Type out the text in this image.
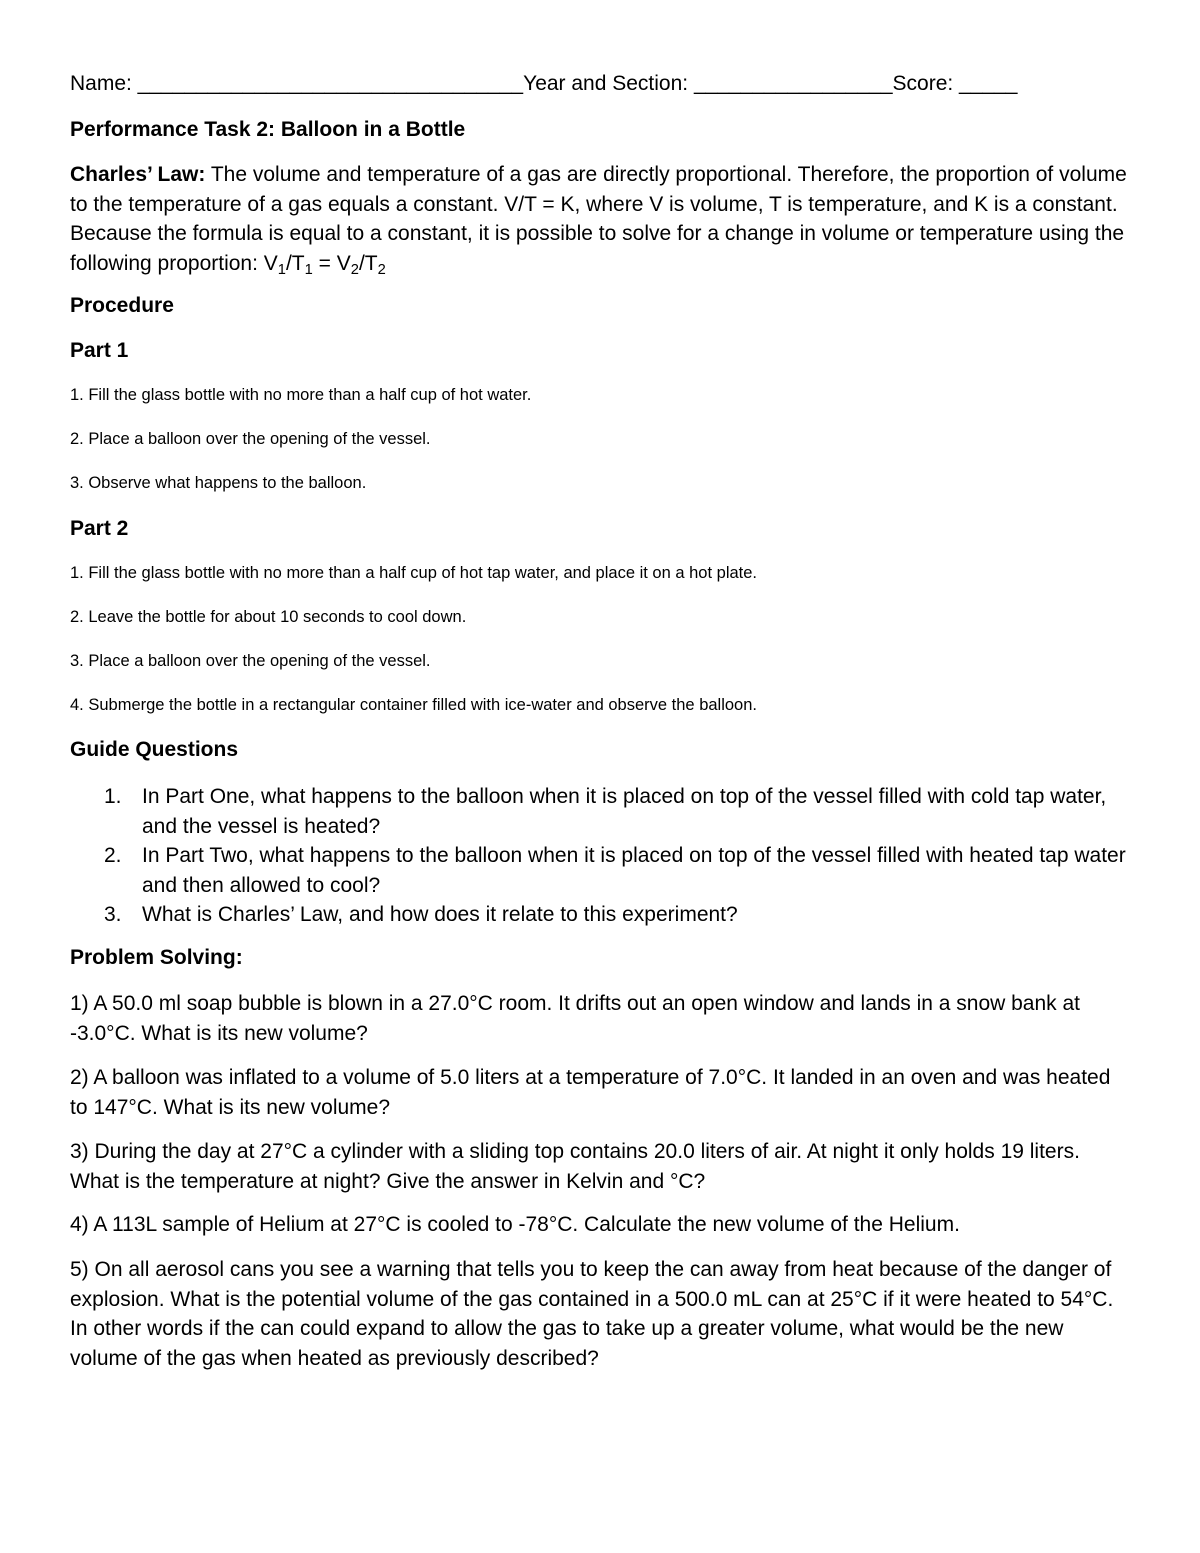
Name: _________________________________Year and Section: _________________Score: _____
Performance Task 2: Balloon in a Bottle
Charles’ Law: The volume and temperature of a gas are directly proportional. Therefore, the proportion of volume to the temperature of a gas equals a constant. V/T = K, where V is volume, T is temperature, and K is a constant. Because the formula is equal to a constant, it is possible to solve for a change in volume or temperature using the following proportion: $V_1/T_1 = V_2/T_2$
Procedure
Part 1
1. Fill the glass bottle with no more than a half cup of hot water.
2. Place a balloon over the opening of the vessel.
3. Observe what happens to the balloon.
Part 2
1. Fill the glass bottle with no more than a half cup of hot tap water, and place it on a hot plate.
2. Leave the bottle for about 10 seconds to cool down.
3. Place a balloon over the opening of the vessel.
4. Submerge the bottle in a rectangular container filled with ice-water and observe the balloon.
Guide Questions
1. In Part One, what happens to the balloon when it is placed on top of the vessel filled with cold tap water, and the vessel is heated?
2. In Part Two, what happens to the balloon when it is placed on top of the vessel filled with heated tap water and then allowed to cool?
3. What is Charles’ Law, and how does it relate to this experiment?
Problem Solving:
1) A 50.0 ml soap bubble is blown in a 27.0°C room. It drifts out an open window and lands in a snow bank at -3.0°C. What is its new volume?
2) A balloon was inflated to a volume of 5.0 liters at a temperature of 7.0°C. It landed in an oven and was heated to 147°C. What is its new volume?
3) During the day at 27°C a cylinder with a sliding top contains 20.0 liters of air. At night it only holds 19 liters. What is the temperature at night? Give the answer in Kelvin and °C?
4) A 113L sample of Helium at 27°C is cooled to -78°C. Calculate the new volume of the Helium.
5) On all aerosol cans you see a warning that tells you to keep the can away from heat because of the danger of explosion. What is the potential volume of the gas contained in a 500.0 mL can at 25°C if it were heated to 54°C. In other words if the can could expand to allow the gas to take up a greater volume, what would be the new volume of the gas when heated as previously described?
